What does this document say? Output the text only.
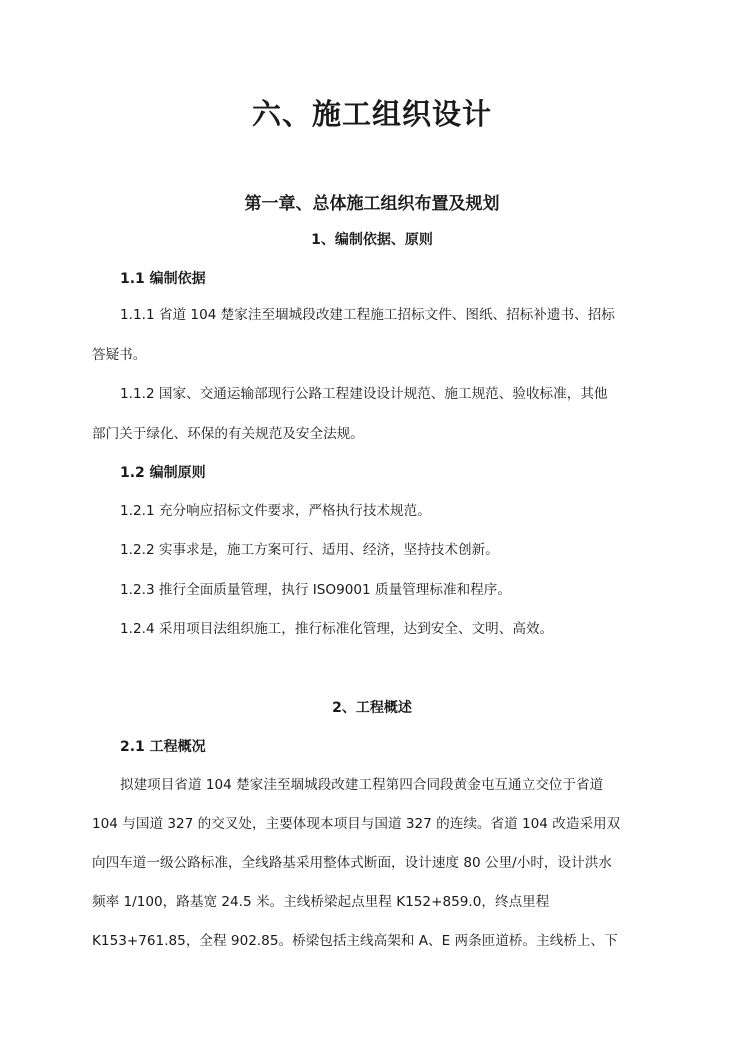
六、施工组织设计
第一章、总体施工组织布置及规划
1、编制依据、原则
1.1 编制依据
1.1.1 省道 104 楚家洼至堌城段改建工程施工招标文件、图纸、招标补遗书、招标
答疑书。
1.1.2 国家、交通运输部现行公路工程建设设计规范、施工规范、验收标准，其他
部门关于绿化、环保的有关规范及安全法规。
1.2 编制原则
1.2.1 充分响应招标文件要求，严格执行技术规范。
1.2.2 实事求是，施工方案可行、适用、经济，坚持技术创新。
1.2.3 推行全面质量管理，执行 ISO9001 质量管理标准和程序。
1.2.4 采用项目法组织施工，推行标准化管理，达到安全、文明、高效。
2、工程概述
2.1 工程概况
拟建项目省道 104 楚家洼至堌城段改建工程第四合同段黄金屯互通立交位于省道
104 与国道 327 的交叉处，主要体现本项目与国道 327 的连续。省道 104 改造采用双
向四车道一级公路标准，全线路基采用整体式断面，设计速度 80 公里/小时，设计洪水
频率 1/100，路基宽 24.5 米。主线桥梁起点里程 K152+859.0，终点里程
K153+761.85，全程 902.85。桥梁包括主线高架和 A、E 两条匝道桥。主线桥上、下
